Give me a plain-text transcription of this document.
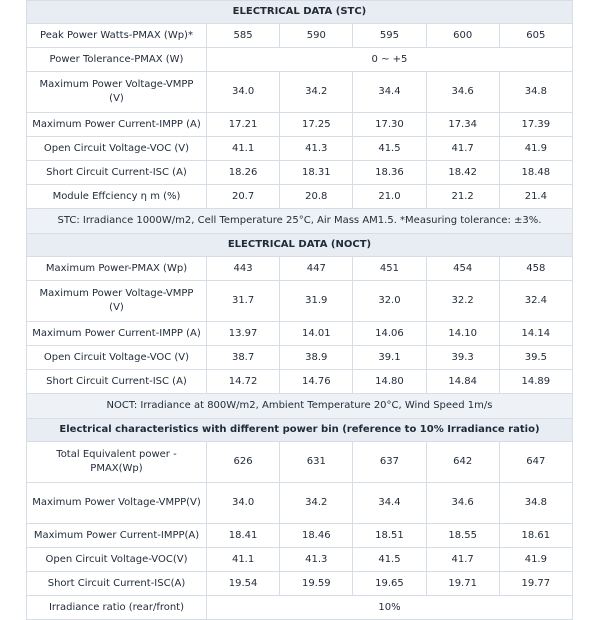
ELECTRICAL DATA (STC)					
Peak Power Watts-PMAX (Wp)*	585	590	595	600	605
Power Tolerance-PMAX (W)	0 ~ +5				
Maximum Power Voltage-VMPP (V)	34.0	34.2	34.4	34.6	34.8
Maximum Power Current-IMPP (A)	17.21	17.25	17.30	17.34	17.39
Open Circuit Voltage-VOC (V)	41.1	41.3	41.5	41.7	41.9
Short Circuit Current-ISC (A)	18.26	18.31	18.36	18.42	18.48
Module Effciency η m (%)	20.7	20.8	21.0	21.2	21.4
STC: Irradiance 1000W/m2, Cell Temperature 25°C, Air Mass AM1.5. *Measuring tolerance: ±3%.					
ELECTRICAL DATA (NOCT)					
Maximum Power-PMAX (Wp)	443	447	451	454	458
Maximum Power Voltage-VMPP (V)	31.7	31.9	32.0	32.2	32.4
Maximum Power Current-IMPP (A)	13.97	14.01	14.06	14.10	14.14
Open Circuit Voltage-VOC (V)	38.7	38.9	39.1	39.3	39.5
Short Circuit Current-ISC (A)	14.72	14.76	14.80	14.84	14.89
NOCT: Irradiance at 800W/m2, Ambient Temperature 20°C, Wind Speed 1m/s					
Electrical characteristics with different power bin (reference to 10% Irradiance ratio)					
Total Equivalent power -PMAX(Wp)	626	631	637	642	647
Maximum Power Voltage-VMPP(V)	34.0	34.2	34.4	34.6	34.8
Maximum Power Current-IMPP(A)	18.41	18.46	18.51	18.55	18.61
Open Circuit Voltage-VOC(V)	41.1	41.3	41.5	41.7	41.9
Short Circuit Current-ISC(A)	19.54	19.59	19.65	19.71	19.77
Irradiance ratio (rear/front)	10%				
